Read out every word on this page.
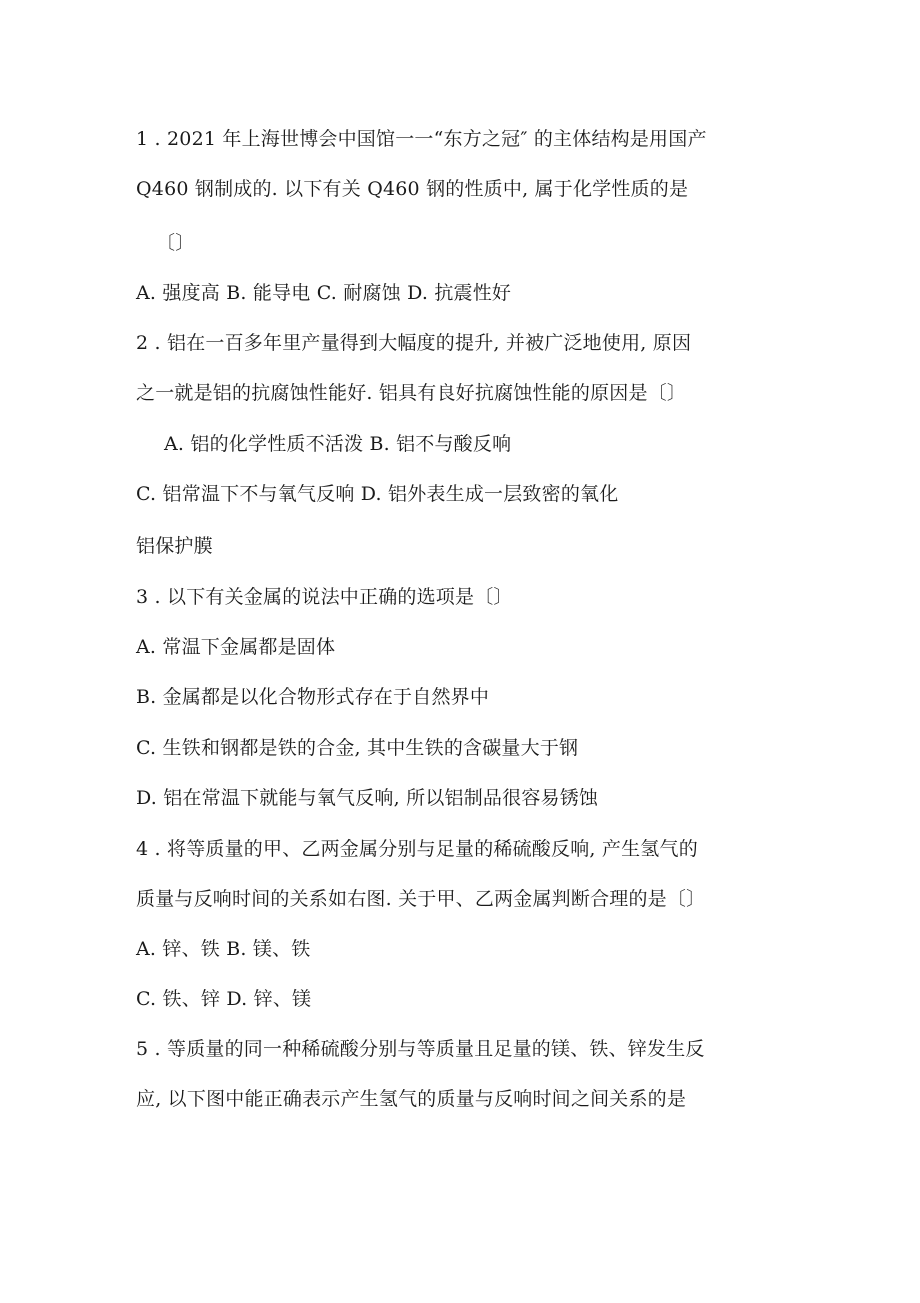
1 . 2021 年上海世博会中国馆一一“东方之冠″ 的主体结构是用国产
Q460 钢制成的. 以下有关 Q460 钢的性质中, 属于化学性质的是
〔〕
A. 强度高 B. 能导电 C. 耐腐蚀 D. 抗震性好
2 . 铝在一百多年里产量得到大幅度的提升, 并被广泛地使用, 原因
之一就是铝的抗腐蚀性能好. 铝具有良好抗腐蚀性能的原因是〔〕
A. 铝的化学性质不活泼 B. 铝不与酸反响
C. 铝常温下不与氧气反响 D. 铝外表生成一层致密的氧化
铝保护膜
3 . 以下有关金属的说法中正确的选项是〔〕
A. 常温下金属都是固体
B. 金属都是以化合物形式存在于自然界中
C. 生铁和钢都是铁的合金, 其中生铁的含碳量大于钢
D. 铝在常温下就能与氧气反响, 所以铝制品很容易锈蚀
4 . 将等质量的甲、乙两金属分别与足量的稀硫酸反响, 产生氢气的
质量与反响时间的关系如右图. 关于甲、乙两金属判断合理的是〔〕
A. 锌、铁 B. 镁、铁
C. 铁、锌 D. 锌、镁
5 . 等质量的同一种稀硫酸分别与等质量且足量的镁、铁、锌发生反
应, 以下图中能正确表示产生氢气的质量与反响时间之间关系的是
